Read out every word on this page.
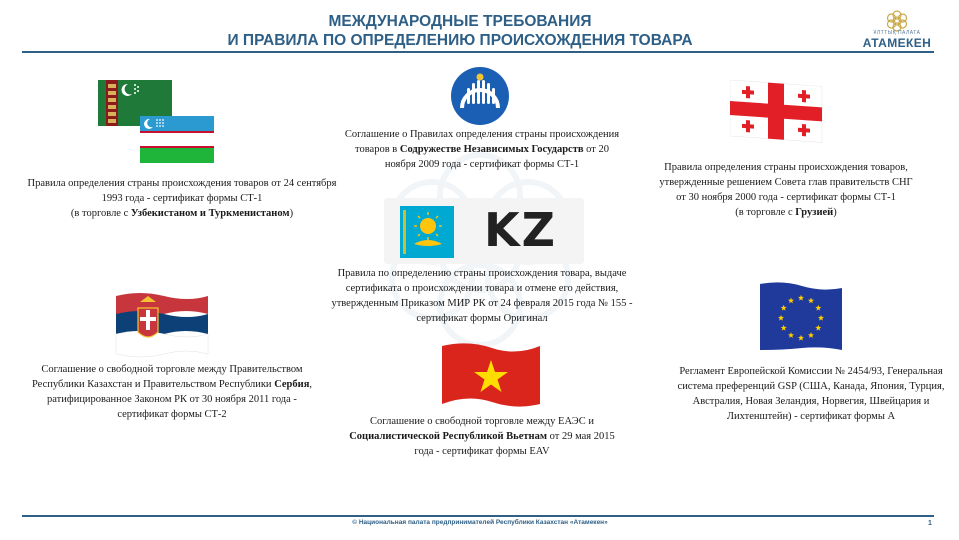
МЕЖДУНАРОДНЫЕ ТРЕБОВАНИЯ
И ПРАВИЛА ПО ОПРЕДЕЛЕНИЮ ПРОИСХОЖДЕНИЯ ТОВАРА	ҰЛТТЫҚ ПАЛАТА
АТАМЕКЕН
Правила определения страны происхождения товаров от 24 сентября 1993 года - сертификат формы СТ-1
(в торговле с Узбекистаном и Туркменистаном)
Соглашение о Правилах определения страны происхождения товаров в Содружестве Независимых Государств от 20 ноября 2009 года - сертификат формы СТ-1	Правила определения страны происхождения товаров, утвержденные решением Совета глав правительств СНГ от 30 ноября 2000 года - сертификат формы СТ-1
(в торговле с Грузией)
KZ
Правила по определению страны происхождения товара, выдаче сертификата о происхождении товара и отмене его действия, утвержденным Приказом МИР РК от 24 февраля 2015 года № 155 - сертификат формы Оригинал
Соглашение о свободной торговле между Правительством Республики Казахстан и Правительством Республики Сербия, ратифицированное Законом РК от 30 ноября 2011 года - сертификат формы СТ-2
Соглашение о свободной торговле между ЕАЭС и Социалистической Республикой Вьетнам от 29 мая 2015 года - сертификат формы EAV
Регламент Европейской Комиссии № 2454/93, Генеральная система преференций GSP (США, Канада, Япония, Турция, Австралия, Новая Зеландия, Норвегия, Швейцария и Лихтенштейн) - сертификат формы А
© Национальная палата предпринимателей Республики Казахстан «Атамекен»	1
